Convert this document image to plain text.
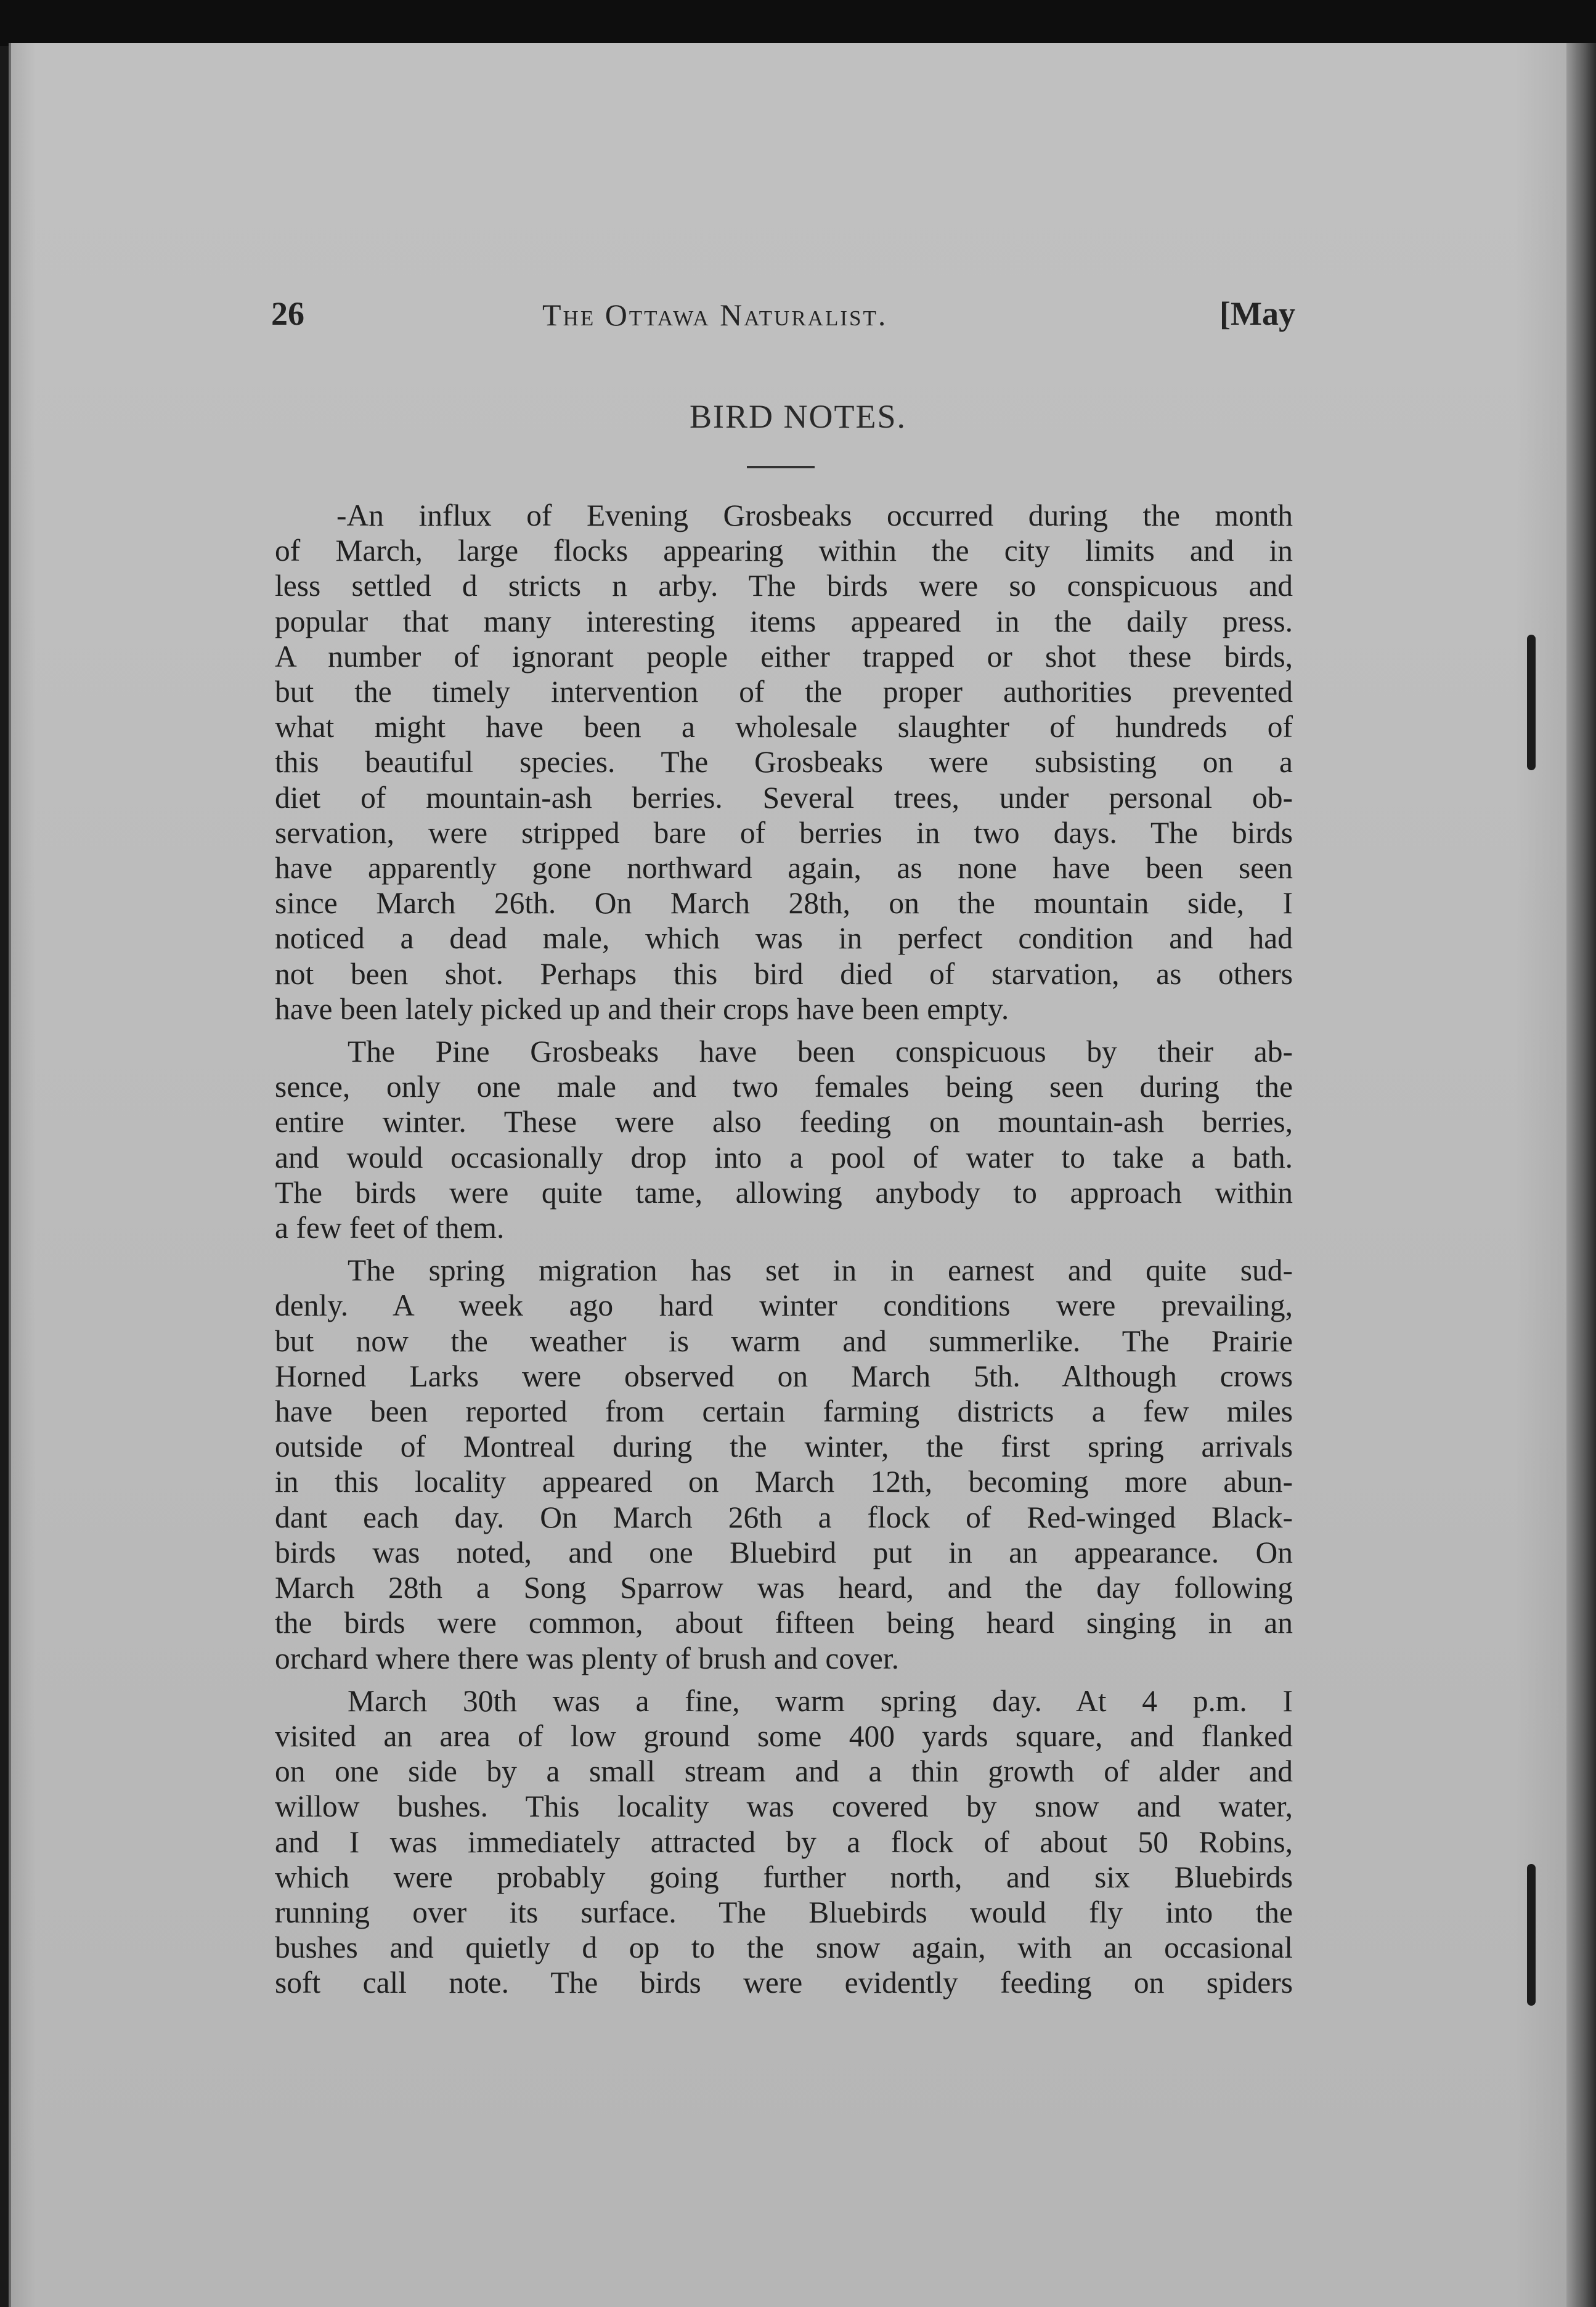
26	The Ottawa Naturalist.	[May
BIRD NOTES.
-An influx of Evening Grosbeaks occurred during the month
of March, large flocks appearing within the city limits and in
less settled d stricts n arby. The birds were so conspicuous and
popular that many interesting items appeared in the daily press.
A number of ignorant people either trapped or shot these birds,
but the timely intervention of the proper authorities prevented
what might have been a wholesale slaughter of hundreds of
this beautiful species. The Grosbeaks were subsisting on a
diet of mountain-ash berries. Several trees, under personal ob-
servation, were stripped bare of berries in two days. The birds
have apparently gone northward again, as none have been seen
since March 26th. On March 28th, on the mountain side, I
noticed a dead male, which was in perfect condition and had
not been shot. Perhaps this bird died of starvation, as others
have been lately picked up and their crops have been empty.
The Pine Grosbeaks have been conspicuous by their ab-
sence, only one male and two females being seen during the
entire winter. These were also feeding on mountain-ash berries,
and would occasionally drop into a pool of water to take a bath.
The birds were quite tame, allowing anybody to approach within
a few feet of them.
The spring migration has set in in earnest and quite sud-
denly. A week ago hard winter conditions were prevailing,
but now the weather is warm and summerlike. The Prairie
Horned Larks were observed on March 5th. Although crows
have been reported from certain farming districts a few miles
outside of Montreal during the winter, the first spring arrivals
in this locality appeared on March 12th, becoming more abun-
dant each day. On March 26th a flock of Red-winged Black-
birds was noted, and one Bluebird put in an appearance. On
March 28th a Song Sparrow was heard, and the day following
the birds were common, about fifteen being heard singing in an
orchard where there was plenty of brush and cover.
March 30th was a fine, warm spring day. At 4 p.m. I
visited an area of low ground some 400 yards square, and flanked
on one side by a small stream and a thin growth of alder and
willow bushes. This locality was covered by snow and water,
and I was immediately attracted by a flock of about 50 Robins,
which were probably going further north, and six Bluebirds
running over its surface. The Bluebirds would fly into the
bushes and quietly d op to the snow again, with an occasional
soft call note. The birds were evidently feeding on spiders
